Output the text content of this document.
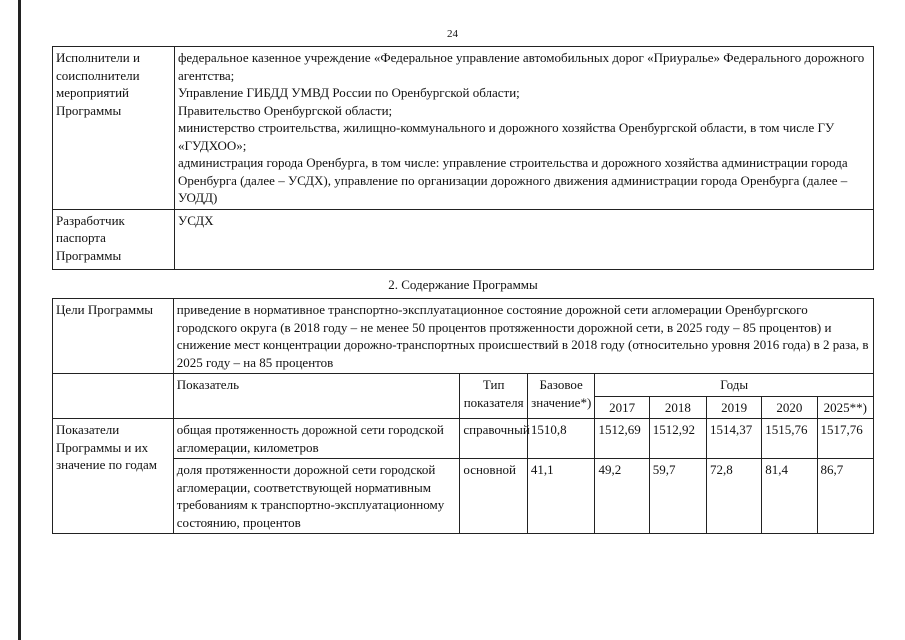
24
Исполнители и соисполнители мероприятий Программы	федеральное казенное учреждение «Федеральное управление автомобильных дорог «Приуралье» Федерального дорожного агентства;
Управление ГИБДД УМВД России по Оренбургской области;
Правительство Оренбургской области;
министерство строительства, жилищно-коммунального и дорожного хозяйства Оренбургской области, в том числе ГУ «ГУДХОО»;
администрация города Оренбурга, в том числе: управление строительства и дорожного хозяйства администрации города Оренбурга (далее – УСДХ), управление по организации дорожного движения администрации города Оренбурга (далее – УОДД)

Разработчик паспорта Программы	УСДХ
2. Содержание Программы
Цели Программы	приведение в нормативное транспортно-эксплуатационное состояние дорожной сети агломерации Оренбургского городского округа (в 2018 году – не менее 50 процентов протяженности дорожной сети, в 2025 году – 85 процентов) и снижение мест концентрации дорожно-транспортных происшествий в 2018 году (относительно уровня 2016 года) в 2 раза, в 2025 году – на 85 процентов							
	Показатель	Тип показателя	Базовое значение*)	Годы				
				2017	2018	2019	2020	2025**)
Показатели Программы и их значение по годам	общая протяженность дорожной сети городской агломерации, километров	справочный	1510,8	1512,69	1512,92	1514,37	1515,76	1517,76
	доля протяженности дорожной сети городской агломерации, соответствующей нормативным требованиям к транспортно-эксплуатационному состоянию, процентов	основной	41,1	49,2	59,7	72,8	81,4	86,7
